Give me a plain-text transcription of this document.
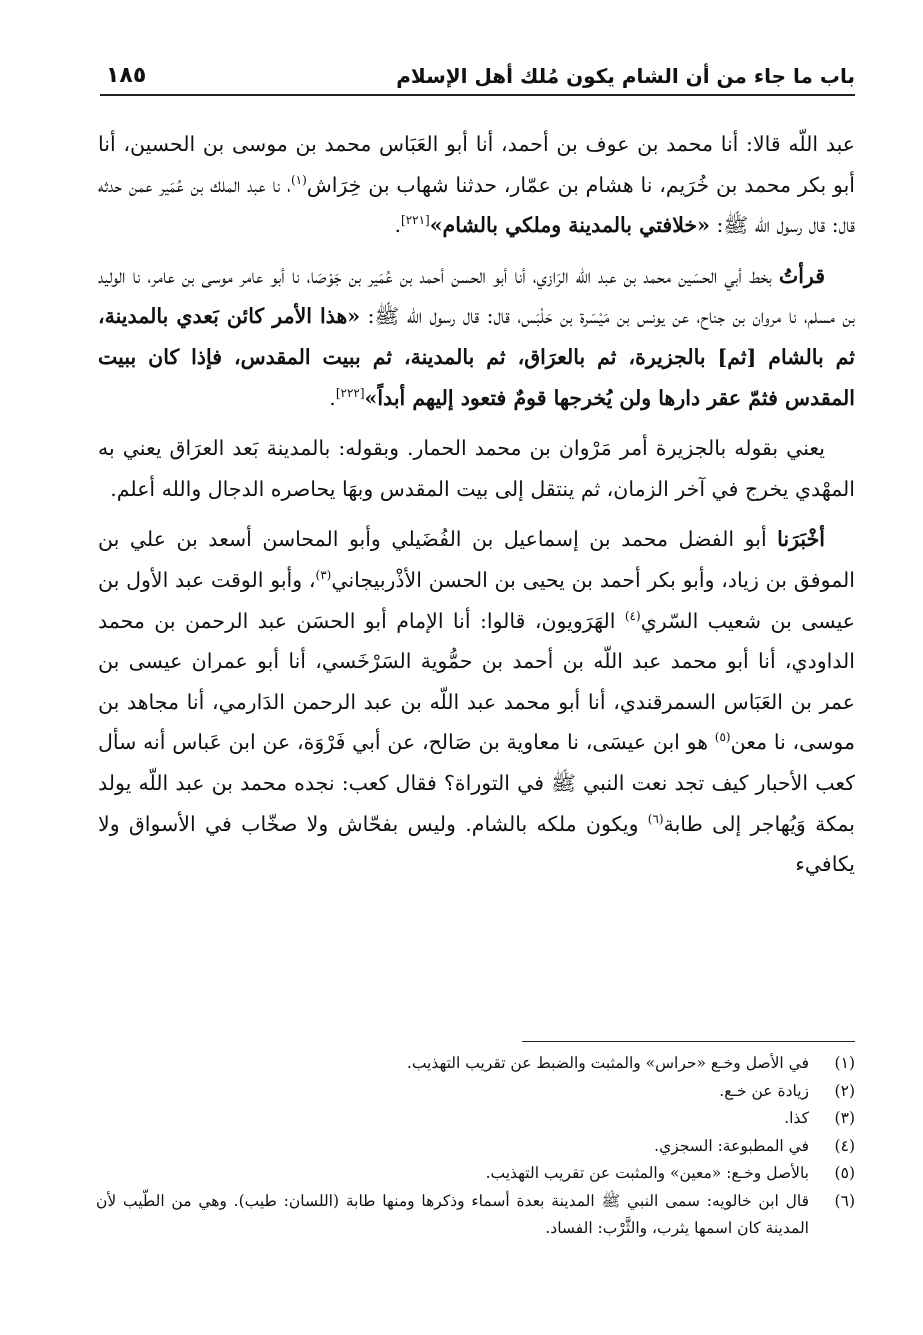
باب ما جاء من أن الشام يكون مُلك أهل الإسلام
١٨٥

عبد اللّه قالا: أنا محمد بن عوف بن أحمد، أنا أبو العَبَاس محمد بن موسى بن الحسين، أنا أبو بكر محمد بن خُرَيم، نا هشام بن عمّار، حدثنا شهاب بن خِرَاش$^{(١)}$، نا عبد الملك بن عُمَير عمن حدثه قال: قال رسول الله ﷺ: «خلافتي بالمدينة وملكي بالشام»[٢٢١].

قرأتُ بخط أبي الحسَين محمد بن عبد اللّه الرَازي، أنا أبو الحسن أحمد بن عُمَير بن جَوْصَا، نا أبو عامر موسى بن عامر، نا الوليد بن مسلم، نا مروان بن جناح، عن يونس بن مَيْسَرة بن حَلْبَس، قال: قال رسول الله ﷺ: «هذا الأمر كائن بَعدي بالمدينة، ثم بالشام [ثم] بالجزيرة، ثم بالعرَاق، ثم بالمدينة، ثم ببيت المقدس، فإذا كان ببيت المقدس فثمّ عقر دارها ولن يُخرجها قومٌ فتعود إليهم أبداً»[٢٢٢].

يعني بقوله بالجزيرة أمر مَرْوان بن محمد الحمار. وبقوله: بالمدينة بَعد العرَاق يعني به المهْدي يخرج في آخر الزمان، ثم ينتقل إلى بيت المقدس وبهَا يحاصره الدجال والله أعلم.

أخْبَرَنا أبو الفضل محمد بن إسماعيل بن الفُضَيلي وأبو المحاسن أسعد بن علي بن الموفق بن زياد، وأبو بكر أحمد بن يحيى بن الحسن الأذْربيجاني$^{(٣)}$، وأبو الوقت عبد الأول بن عيسى بن شعيب السّري$^{(٤)}$ الهَرَويون، قالوا: أنا الإمام أبو الحسَن عبد الرحمن بن محمد الداودي، أنا أبو محمد عبد اللّه بن أحمد بن حمُّوية السَرْخَسي، أنا أبو عمران عيسى بن عمر بن العَبَاس السمرقندي، أنا أبو محمد عبد اللّه بن عبد الرحمن الدَارمي، أنا مجاهد بن موسى، نا معن$^{(٥)}$ هو ابن عيسَى، نا معاوية بن صَالح، عن أبي فَرْوَة، عن ابن عَباس أنه سأل كعب الأحبار كيف تجد نعت النبي ﷺ في التوراة؟ فقال كعب: نجده محمد بن عبد اللّه يولد بمكة وَيُهاجر إلى طابة$^{(٦)}$ ويكون ملكه بالشام. وليس بفحّاش ولا صخّاب في الأسواق ولا يكافيء

(١)
في الأصل وخـع «حراس» والمثبت والضبط عن تقريب التهذيب.
(٢)
زيادة عن خـع.
(٣)
كذا.
(٤)
في المطبوعة: السجزي.
(٥)
بالأصل وخـع: «معين» والمثبت عن تقريب التهذيب.
(٦)
قال ابن خالويه: سمى النبي ﷺ المدينة بعدة أسماء وذكرها ومنها طابة (اللسان: طيب). وهي من الطّيب لأن المدينة كان اسمها يثرب، والثَّرْب: الفساد.
